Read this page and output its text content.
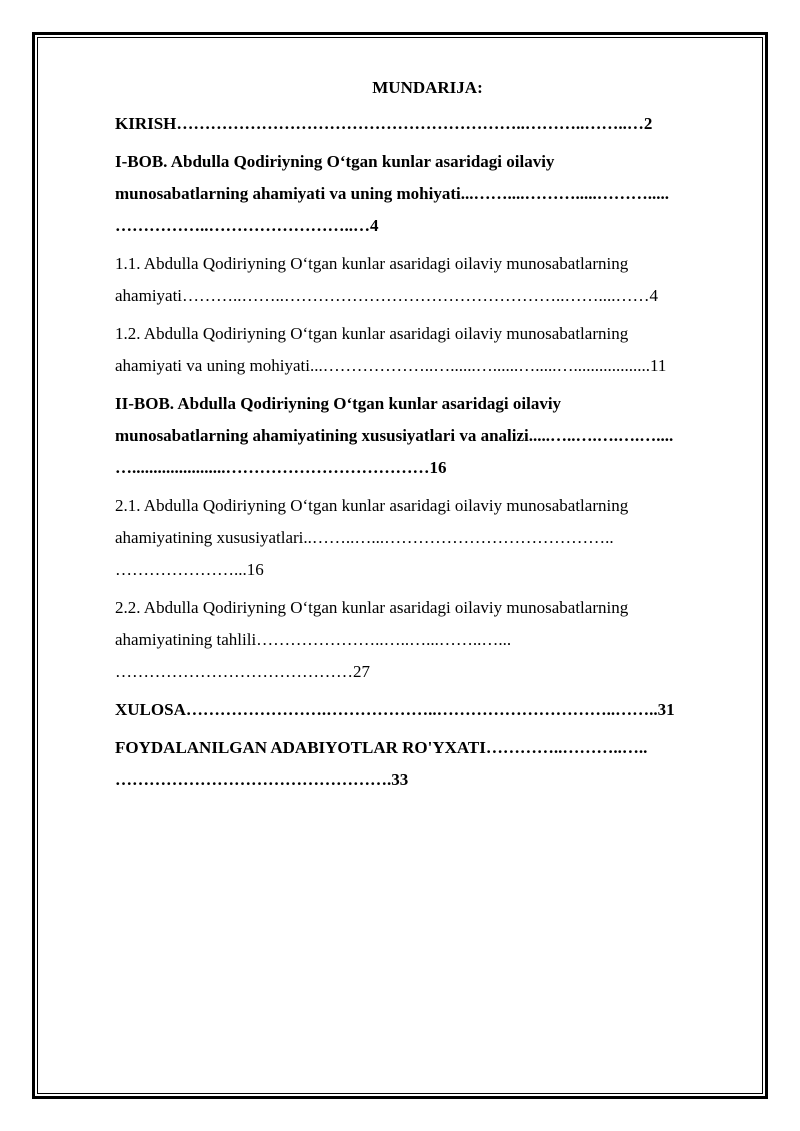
MUNDARIJA:
KIRISH……………………………………………………..………..……..…2
I-BOB. Abdulla Qodiriyning O‘tgan kunlar asaridagi oilaviy
munosabatlarning ahamiyati va uning mohiyati...……....……….....……….....
……………..……………………..…4
1.1. Abdulla Qodiriyning O‘tgan kunlar asaridagi oilaviy munosabatlarning
ahamiyati………..……..…………………………………………..……....……4
1.2. Abdulla Qodiriyning O‘tgan kunlar asaridagi oilaviy munosabatlarning
ahamiyati va uning mohiyati...………………..…......…......….....…..................11
II-BOB. Abdulla Qodiriyning O‘tgan kunlar asaridagi oilaviy
munosabatlarning ahamiyatining xususiyatlari va analizi.....…..….….….…....
…......................………………………………16
2.1. Abdulla Qodiriyning O‘tgan kunlar asaridagi oilaviy munosabatlarning
ahamiyatining xususiyatlari..……..…...…………………………………..
…………………...16
2.2. Abdulla Qodiriyning O‘tgan kunlar asaridagi oilaviy munosabatlarning
ahamiyatining tahlili…………………..…..…...……..…...
……………………………………27
XULOSA…………………….………………..…………………………..……..31
FOYDALANILGAN ADABIYOTLAR RO'YXATI…………..………..…..
………………………………………….33
